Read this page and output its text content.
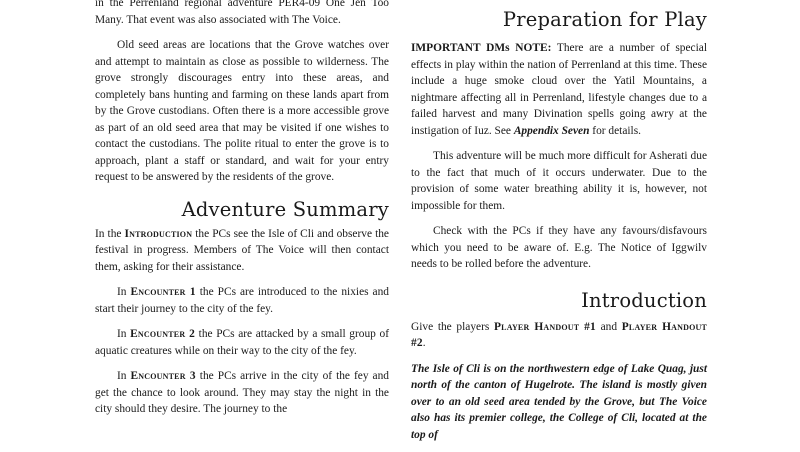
in the Perrenland regional adventure PER4-09 One Jën Too Many. That event was also associated with The Voice.

Old seed areas are locations that the Grove watches over and attempt to maintain as close as possible to wilderness. The grove strongly discourages entry into these areas, and completely bans hunting and farming on these lands apart from by the Grove custodians. Often there is a more accessible grove as part of an old seed area that may be visited if one wishes to contact the custodians. The polite ritual to enter the grove is to approach, plant a staff or standard, and wait for your entry request to be answered by the residents of the grove.

Adventure Summary

In the Introduction the PCs see the Isle of Cli and observe the festival in progress. Members of The Voice will then contact them, asking for their assistance.

In Encounter 1 the PCs are introduced to the nixies and start their journey to the city of the fey.

In Encounter 2 the PCs are attacked by a small group of aquatic creatures while on their way to the city of the fey.

In Encounter 3 the PCs arrive in the city of the fey and get the chance to look around. They may stay the night in the city should they desire. The journey to the

Preparation for Play

IMPORTANT DMs NOTE: There are a number of special effects in play within the nation of Perrenland at this time. These include a huge smoke cloud over the Yatil Mountains, a nightmare affecting all in Perrenland, lifestyle changes due to a failed harvest and many Divination spells going awry at the instigation of Iuz. See Appendix Seven for details.

This adventure will be much more difficult for Asherati due to the fact that much of it occurs underwater. Due to the provision of some water breathing ability it is, however, not impossible for them.

Check with the PCs if they have any favours/disfavours which you need to be aware of. E.g. The Notice of Iggwilv needs to be rolled before the adventure.

Introduction

Give the players Player Handout #1 and Player Handout #2.

The Isle of Cli is on the northwestern edge of Lake Quag, just north of the canton of Hugelrote. The island is mostly given over to an old seed area tended by the Grove, but The Voice also has its premier college, the College of Cli, located at the top of
